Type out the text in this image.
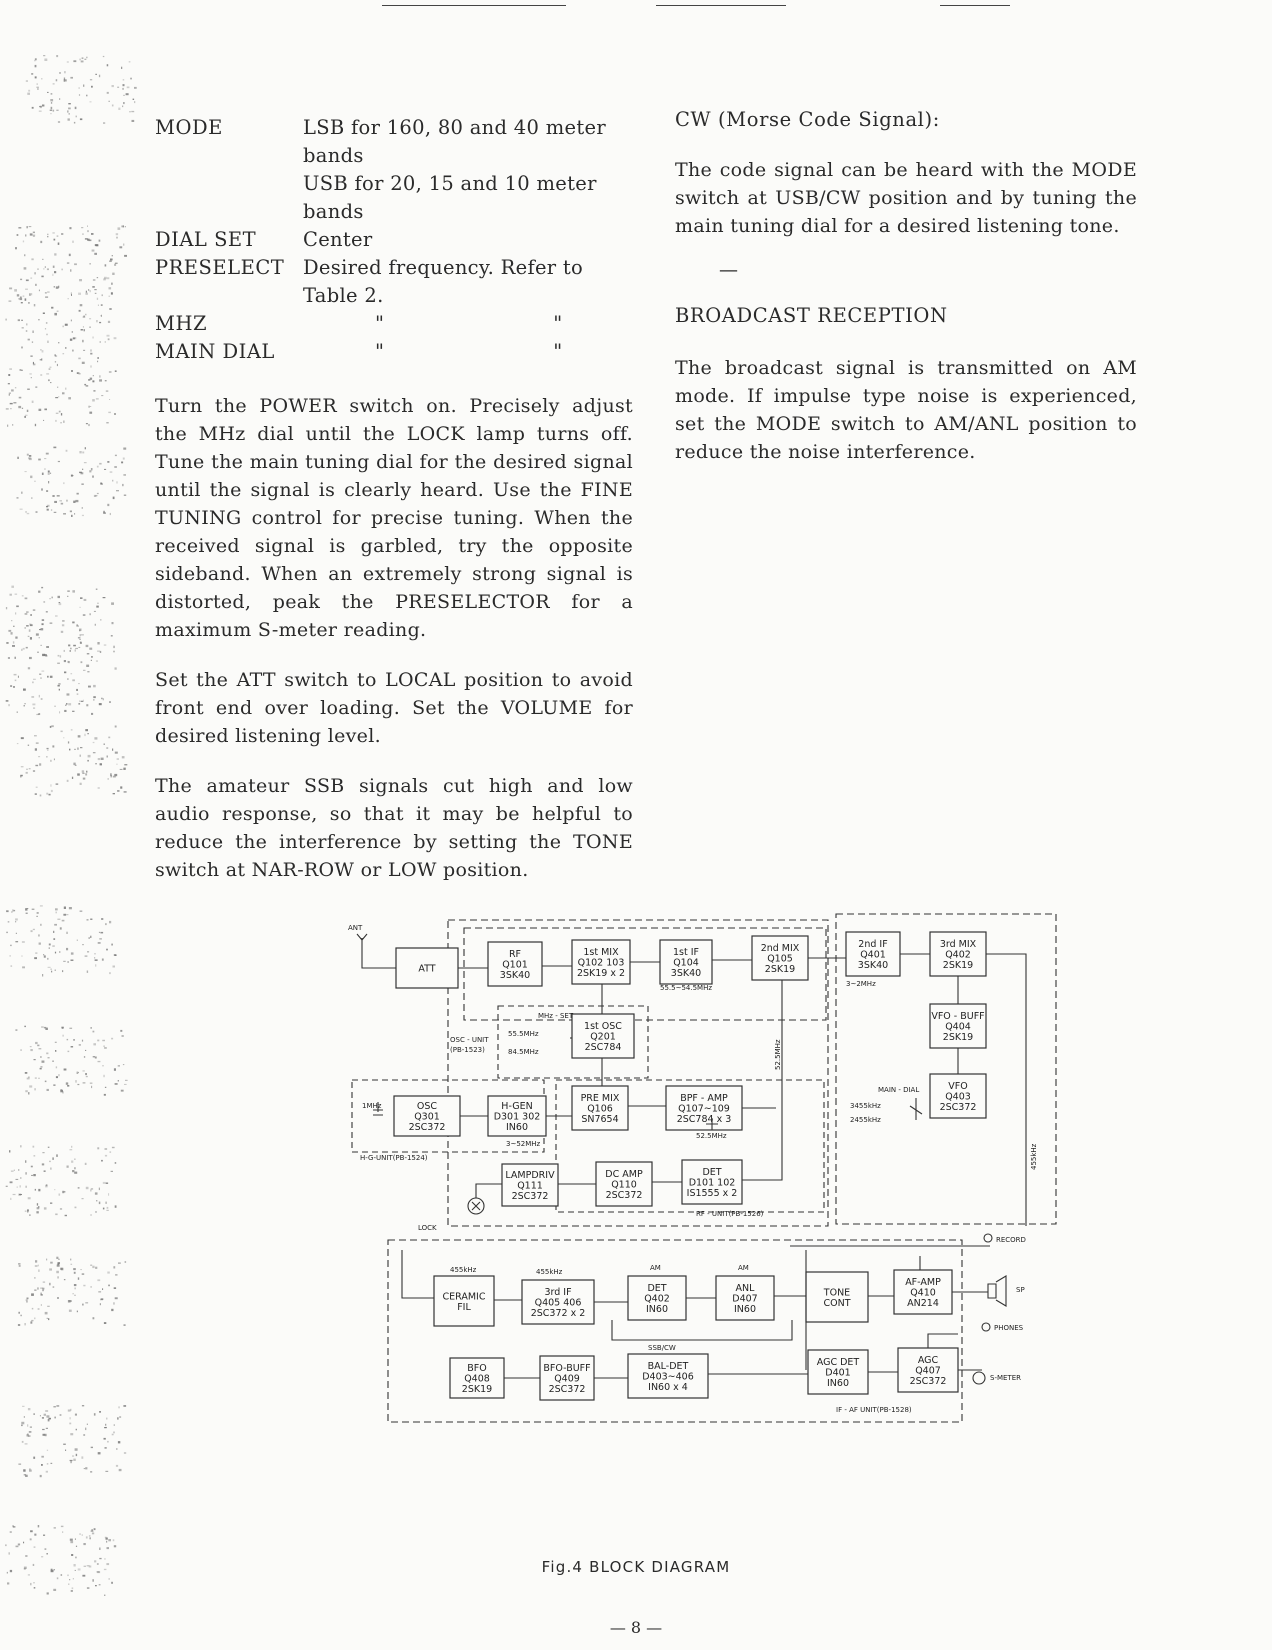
MODE	LSB for 160, 80 and 40 meter
	bands
	USB for 20, 15 and 10 meter bands
DIAL SET	Center
PRESELECT	Desired frequency. Refer to Table 2.
MHZ	"                          "
MAIN DIAL	"                          "

Turn the POWER switch on. Precisely adjust the MHz dial until the LOCK lamp turns off. Tune the main tuning dial for the desired signal until the signal is clearly heard. Use the FINE TUNING control for precise tuning. When the received signal is garbled, try the opposite sideband. When an extremely strong signal is distorted, peak the PRESELECTOR for a maximum S-meter reading.

Set the ATT switch to LOCAL position to avoid front end over loading. Set the VOLUME for desired listening level.

The amateur SSB signals cut high and low audio response, so that it may be helpful to reduce the interference by setting the TONE switch at NAR-ROW or LOW position.

CW (Morse Code Signal):

The code signal can be heard with the MODE switch at USB/CW position and by tuning the main tuning dial for a desired listening tone.

—
BROADCAST RECEPTION

The broadcast signal is transmitted on AM mode. If impulse type noise is experienced, set the MODE switch to AM/ANL position to reduce the noise interference.

ATT
RF
Q101
3SK40
1st MIX
Q102 103
2SK19 x 2
1st IF
Q104
3SK40
2nd MIX
Q105
2SK19
1st OSC
Q201
2SC784
OSC
Q301
2SC372
H-GEN
D301 302
IN60
PRE MIX
Q106
SN7654
BPF - AMP
Q107~109
2SC784 x 3
LAMPDRIV
Q111
2SC372
DC AMP
Q110
2SC372
DET
D101 102
IS1555 x 2
2nd IF
Q401
3SK40
3rd MIX
Q402
2SK19
VFO - BUFF
Q404
2SK19
VFO
Q403
2SC372
CERAMIC
FIL
3rd IF
Q405 406
2SC372 x 2
DET
Q402
IN60
ANL
D407
IN60
TONE
CONT
AF-AMP
Q410
AN214
BFO
Q408
2SK19
BFO-BUFF
Q409
2SC372
BAL-DET
D403~406
IN60 x 4
AGC DET
D401
IN60
AGC
Q407
2SC372
ANT
55.5~54.5MHz	3~2MHz
MHz - SET
OSC - UNIT
(PB-1523)
55.5MHz
84.5MHz
1MHz
3~52MHz
H-G-UNIT(PB-1524)
52.5MHz
52.5MHz
RF - UNIT(PB-1526)
LOCK
MAIN - DIAL
3455kHz
2455kHz
455kHz
455kHz	455kHz	AM	AM
SSB/CW
RECORD
SP
PHONES
S-METER
IF - AF UNIT(PB-1528)
Fig.4 BLOCK DIAGRAM
— 8 —
